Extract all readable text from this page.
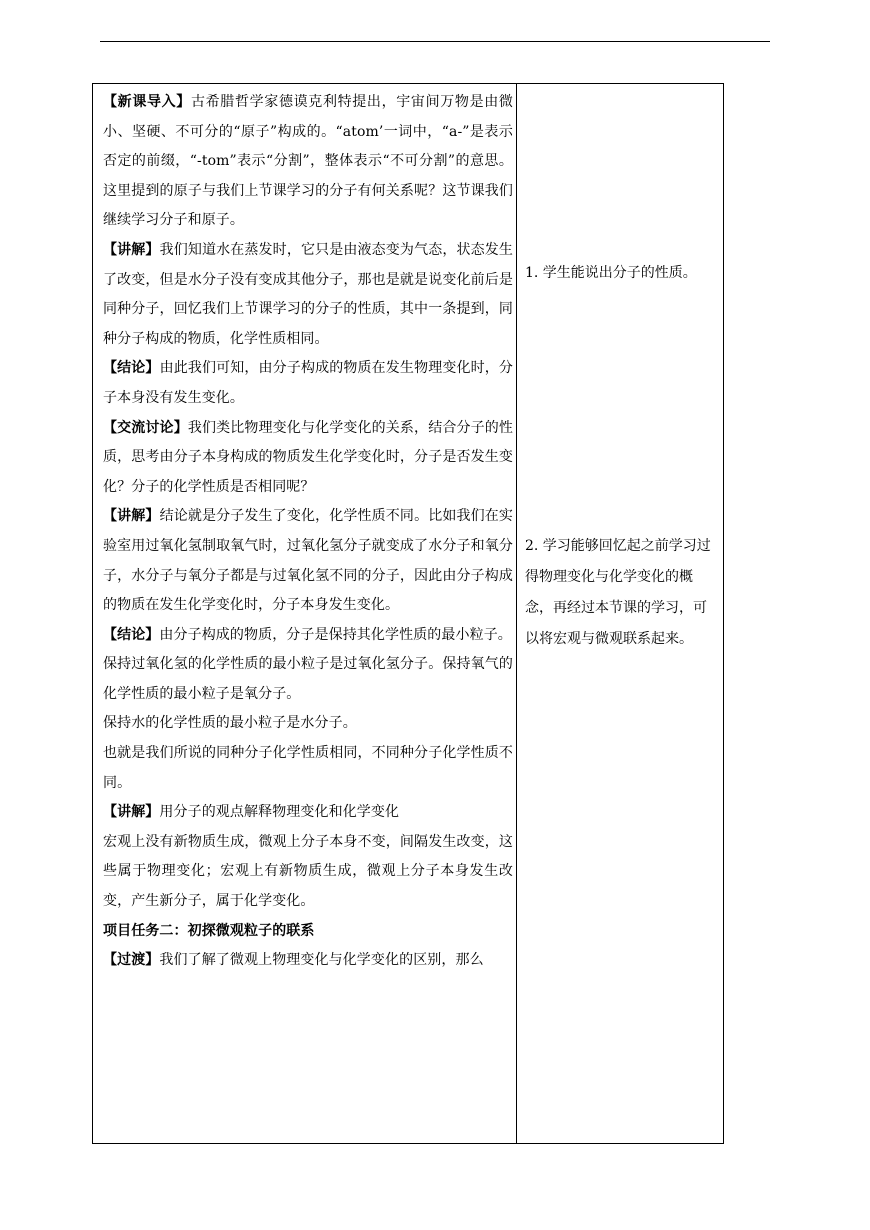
【新课导入】古希腊哲学家德谟克利特提出，宇宙间万物是由微小、坚硬、不可分的“原子”构成的。“atom’一词中，“a-”是表示否定的前缀，“-tom”表示“分割”，整体表示“不可分割”的意思。这里提到的原子与我们上节课学习的分子有何关系呢？这节课我们继续学习分子和原子。

【讲解】我们知道水在蒸发时，它只是由液态变为气态，状态发生了改变，但是水分子没有变成其他分子，那也是就是说变化前后是同种分子，回忆我们上节课学习的分子的性质，其中一条提到，同种分子构成的物质，化学性质相同。

【结论】由此我们可知，由分子构成的物质在发生物理变化时，分子本身没有发生变化。

【交流讨论】我们类比物理变化与化学变化的关系，结合分子的性质，思考由分子本身构成的物质发生化学变化时，分子是否发生变化？分子的化学性质是否相同呢？

【讲解】结论就是分子发生了变化，化学性质不同。比如我们在实验室用过氧化氢制取氧气时，过氧化氢分子就变成了水分子和氧分子，水分子与氧分子都是与过氧化氢不同的分子，因此由分子构成的物质在发生化学变化时，分子本身发生变化。

【结论】由分子构成的物质，分子是保持其化学性质的最小粒子。

保持过氧化氢的化学性质的最小粒子是过氧化氢分子。保持氧气的化学性质的最小粒子是氧分子。

保持水的化学性质的最小粒子是水分子。

也就是我们所说的同种分子化学性质相同，不同种分子化学性质不同。

【讲解】用分子的观点解释物理变化和化学变化

宏观上没有新物质生成，微观上分子本身不变，间隔发生改变，这些属于物理变化；宏观上有新物质生成，微观上分子本身发生改变，产生新分子，属于化学变化。

项目任务二：初探微观粒子的联系

【过渡】我们了解了微观上物理变化与化学变化的区别，那么

1. 学生能说出分子的性质。

2. 学习能够回忆起之前学习过得物理变化与化学变化的概念，再经过本节课的学习，可以将宏观与微观联系起来。
